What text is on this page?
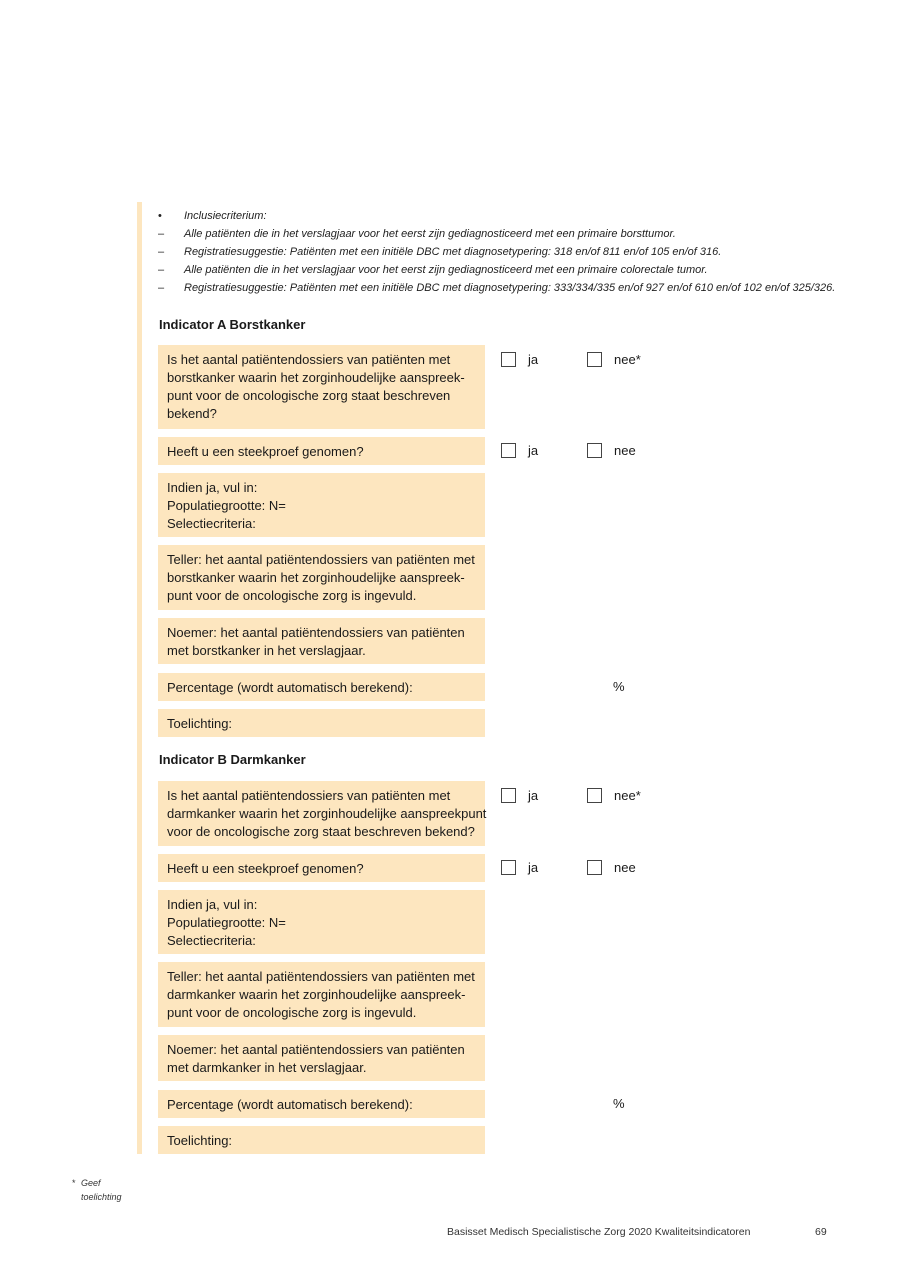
•	Inclusiecriterium:
–	Alle patiënten die in het verslagjaar voor het eerst zijn gediagnosticeerd met een primaire borsttumor.
–	Registratiesuggestie: Patiënten met een initiële DBC met diagnosetypering: 318 en/of 811 en/of 105 en/of 316.
–	Alle patiënten die in het verslagjaar voor het eerst zijn gediagnosticeerd met een primaire colorectale tumor.
–	Registratiesuggestie: Patiënten met een initiële DBC met diagnosetypering: 333/334/335 en/of 927 en/of 610 en/of 102 en/of 325/326.
Indicator A Borstkanker
Is het aantal patiëntendossiers van patiënten met
borstkanker waarin het zorginhoudelijke aanspreek-
punt voor de oncologische zorg staat beschreven
bekend?
ja	nee*
Heeft u een steekproef genomen?	ja	nee
Indien ja, vul in:
Populatiegrootte: N=
Selectiecriteria:
Teller: het aantal patiëntendossiers van patiënten met
borstkanker waarin het zorginhoudelijke aanspreek-
punt voor de oncologische zorg is ingevuld.
Noemer: het aantal patiëntendossiers van patiënten
met borstkanker in het verslagjaar.
Percentage (wordt automatisch berekend):	%
Toelichting:
Indicator B Darmkanker
Is het aantal patiëntendossiers van patiënten met
darmkanker waarin het zorginhoudelijke aanspreekpunt
voor de oncologische zorg staat beschreven bekend?
ja	nee*
Heeft u een steekproef genomen?	ja	nee
Indien ja, vul in:
Populatiegrootte: N=
Selectiecriteria:
Teller: het aantal patiëntendossiers van patiënten met
darmkanker waarin het zorginhoudelijke aanspreek-
punt voor de oncologische zorg is ingevuld.
Noemer: het aantal patiëntendossiers van patiënten
met darmkanker in het verslagjaar.
Percentage (wordt automatisch berekend):	%
Toelichting:
* Geef toelichting
Basisset Medisch Specialistische Zorg 2020 Kwaliteitsindicatoren	69
